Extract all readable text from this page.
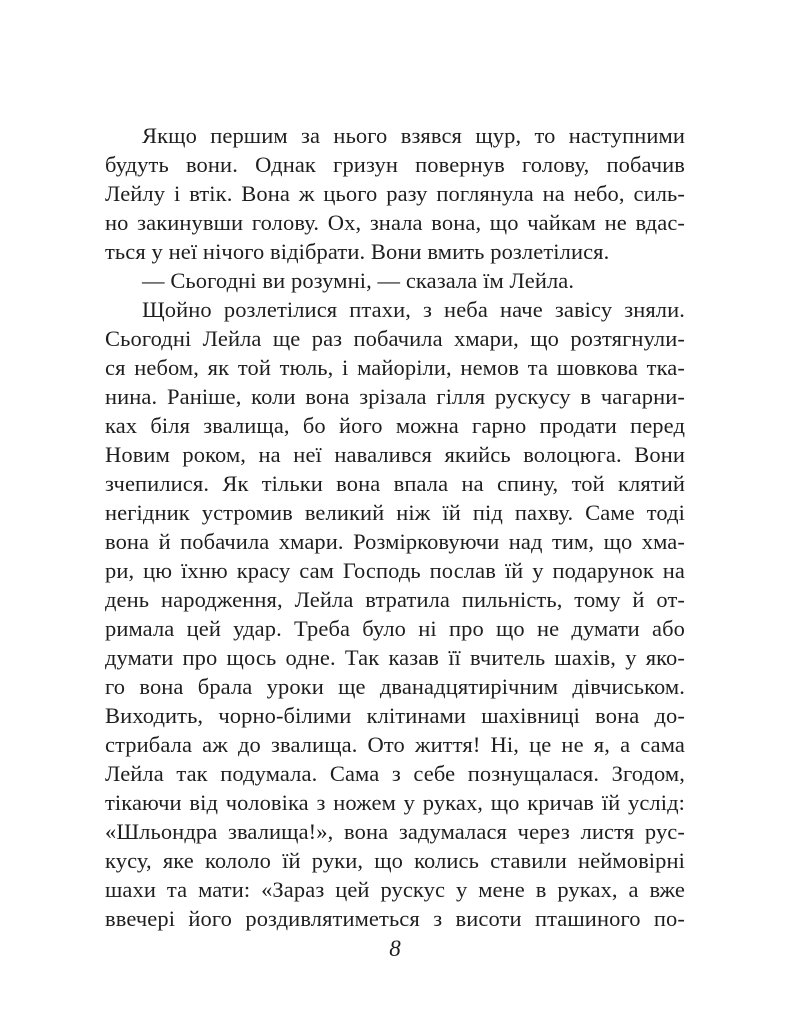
Якщо першим за нього взявся щур, то наступними
будуть вони. Однак гризун повернув голову, побачив
Лейлу і втік. Вона ж цього разу поглянула на небо, силь-
но закинувши голову. Ох, знала вона, що чайкам не вдас-
ться у неї нічого відібрати. Вони вмить розлетілися.
— Сьогодні ви розумні, — сказала їм Лейла.
Щойно розлетілися птахи, з неба наче завісу зняли.
Сьогодні Лейла ще раз побачила хмари, що розтягнули-
ся небом, як той тюль, і майоріли, немов та шовкова тка-
нина. Раніше, коли вона зрізала гілля рускусу в чагарни-
ках біля звалища, бо його можна гарно продати перед
Новим роком, на неї навалився якийсь волоцюга. Вони
зчепилися. Як тільки вона впала на спину, той клятий
негідник устромив великий ніж їй під пахву. Саме тоді
вона й побачила хмари. Розмірковуючи над тим, що хма-
ри, цю їхню красу сам Господь послав їй у подарунок на
день народження, Лейла втратила пильність, тому й от-
римала цей удар. Треба було ні про що не думати або
думати про щось одне. Так казав її вчитель шахів, у яко-
го вона брала уроки ще дванадцятирічним дівчиськом.
Виходить, чорно-білими клітинами шахівниці вона до-
стрибала аж до звалища. Ото життя! Ні, це не я, а сама
Лейла так подумала. Сама з себе познущалася. Згодом,
тікаючи від чоловіка з ножем у руках, що кричав їй услід:
«Шльондра звалища!», вона задумалася через листя рус-
кусу, яке кололо їй руки, що колись ставили неймовірні
шахи та мати: «Зараз цей рускус у мене в руках, а вже
ввечері його роздивлятиметься з висоти пташиного по-
8
